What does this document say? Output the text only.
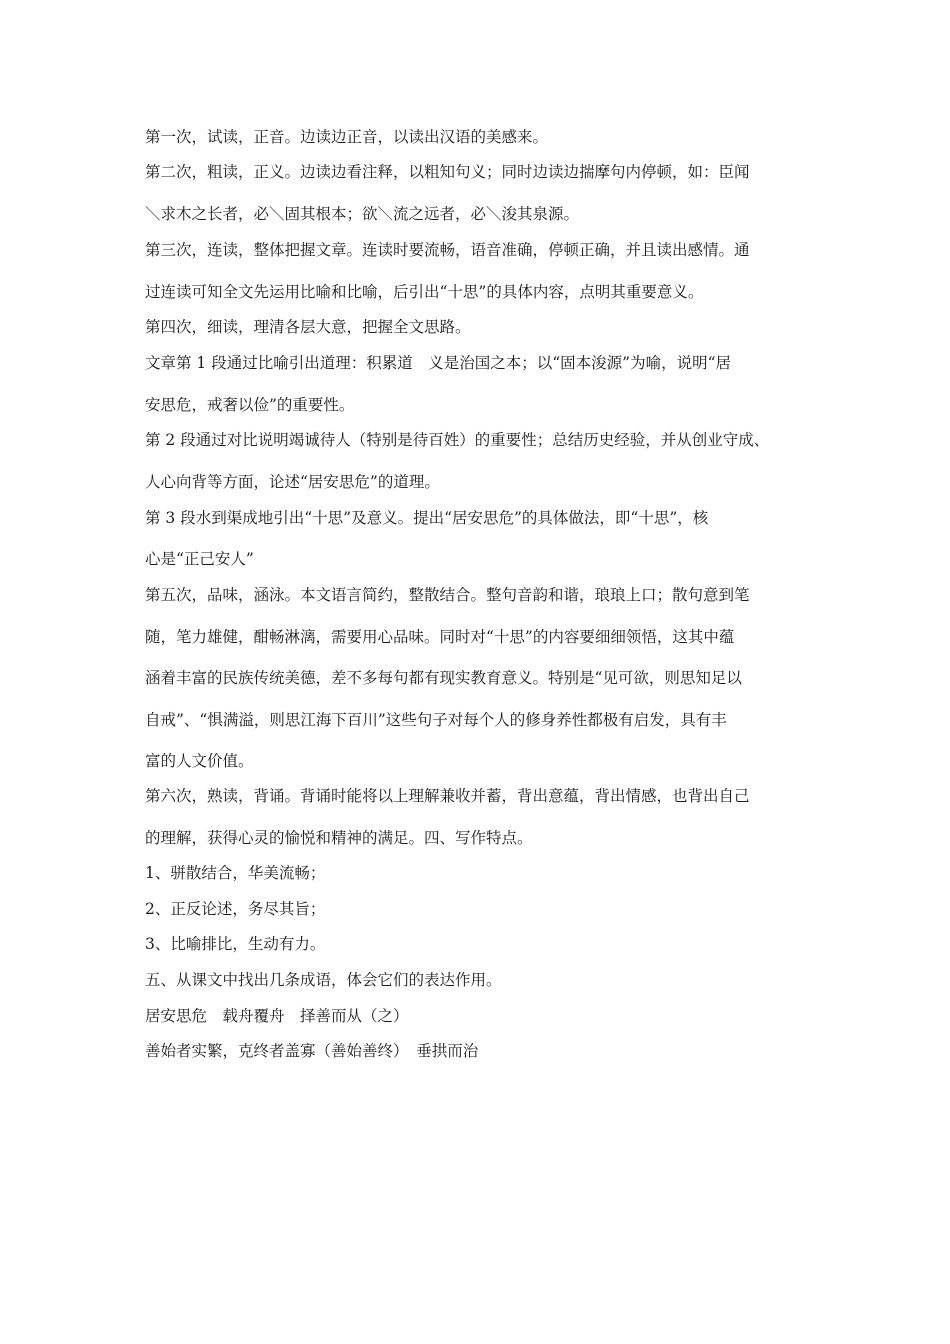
第一次，试读，正音。边读边正音，以读出汉语的美感来。
第二次，粗读，正义。边读边看注释，以粗知句义；同时边读边揣摩句内停顿，如：臣闻
＼求木之长者，必＼固其根本；欲＼流之远者，必＼浚其泉源。
第三次，连读，整体把握文章。连读时要流畅，语音准确，停顿正确，并且读出感情。通
过连读可知全文先运用比喻和比喻，后引出“十思”的具体内容，点明其重要意义。
第四次，细读，理清各层大意，把握全文思路。
文章第 1 段通过比喻引出道理：积累道　义是治国之本；以“固本浚源”为喻，说明“居
安思危，戒奢以俭”的重要性。
第 2 段通过对比说明竭诚待人（特别是待百姓）的重要性；总结历史经验，并从创业守成、
人心向背等方面，论述“居安思危”的道理。
第 3 段水到渠成地引出“十思”及意义。提出“居安思危”的具体做法，即“十思”，核
心是“正己安人”
第五次，品味，涵泳。本文语言简约，整散结合。整句音韵和谐，琅琅上口；散句意到笔
随，笔力雄健，酣畅淋漓，需要用心品味。同时对“十思”的内容要细细领悟，这其中蕴
涵着丰富的民族传统美德，差不多每句都有现实教育意义。特别是“见可欲，则思知足以
自戒”、“惧满溢，则思江海下百川”这些句子对每个人的修身养性都极有启发，具有丰
富的人文价值。
第六次，熟读，背诵。背诵时能将以上理解兼收并蓄，背出意蕴，背出情感，也背出自己
的理解，获得心灵的愉悦和精神的满足。四、写作特点。
1、骈散结合，华美流畅；
2、正反论述，务尽其旨；
3、比喻排比，生动有力。
五、从课文中找出几条成语，体会它们的表达作用。
居安思危　载舟覆舟　择善而从（之）
善始者实繁，克终者盖寡（善始善终）　垂拱而治
